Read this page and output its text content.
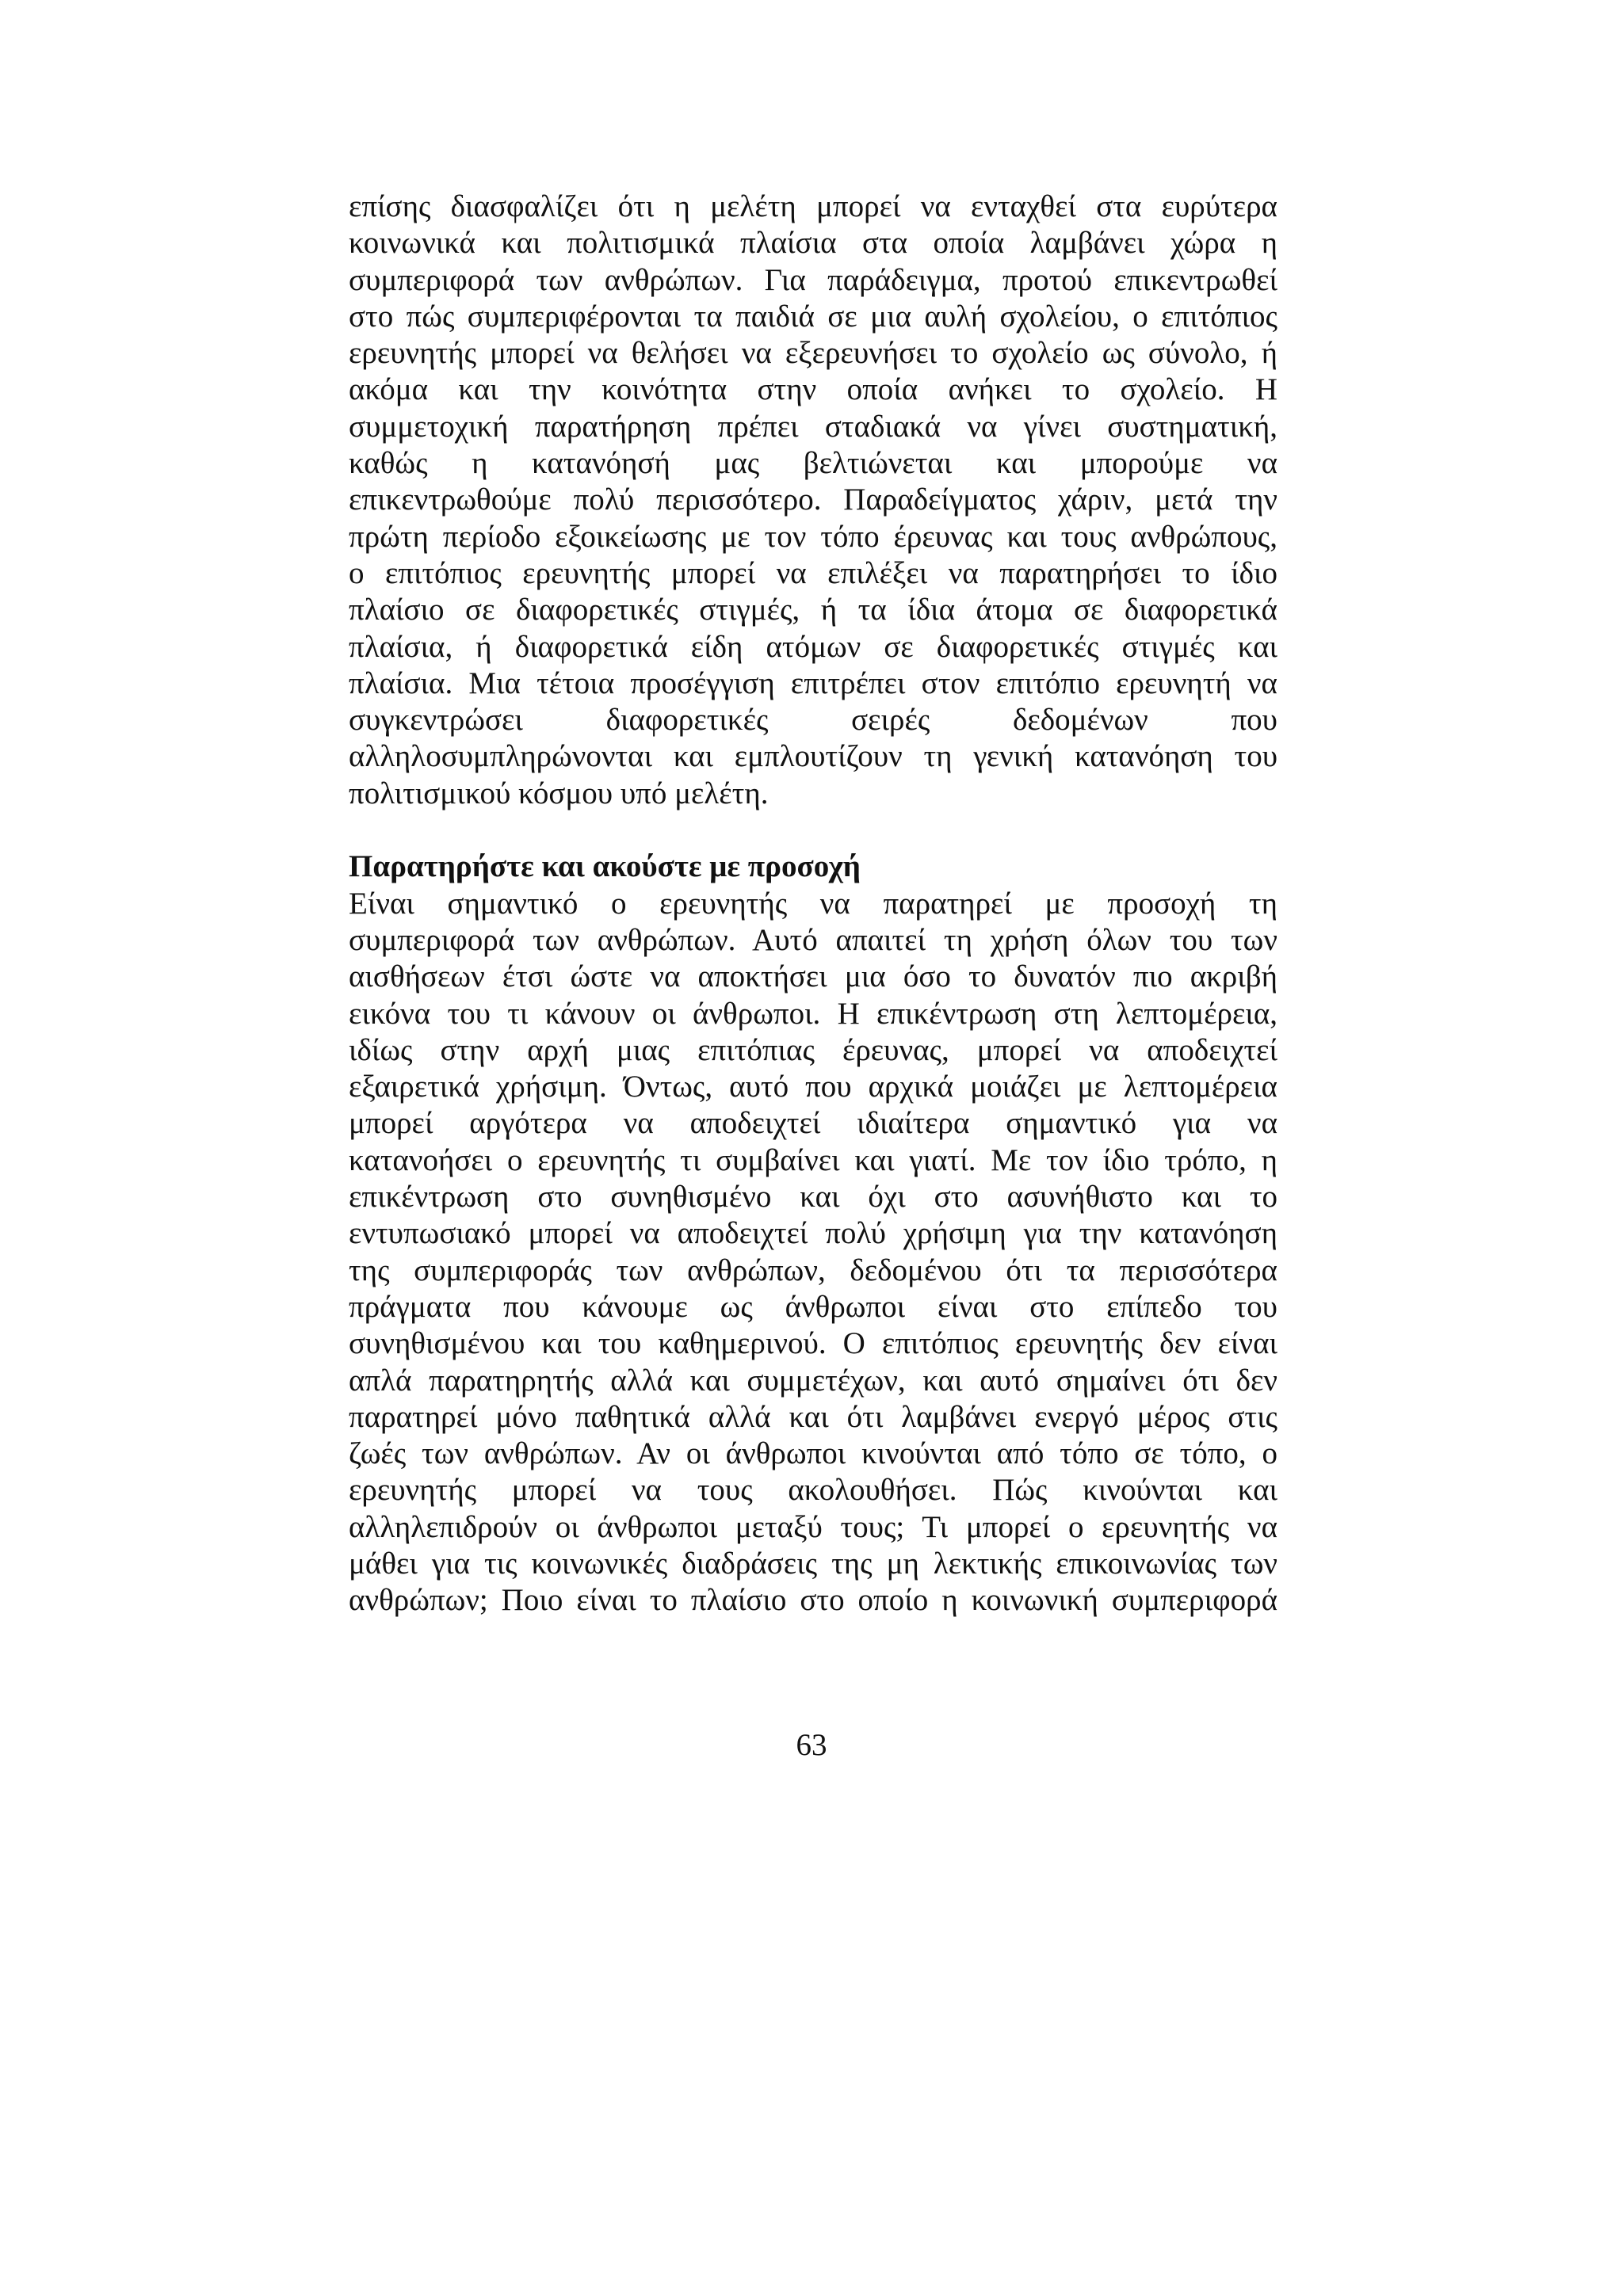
επίσης διασφαλίζει ότι η μελέτη μπορεί να ενταχθεί στα ευρύτερα
κοινωνικά και πολιτισμικά πλαίσια στα οποία λαμβάνει χώρα η
συμπεριφορά των ανθρώπων. Για παράδειγμα, προτού επικεντρωθεί
στο πώς συμπεριφέρονται τα παιδιά σε μια αυλή σχολείου, ο επιτόπιος
ερευνητής μπορεί να θελήσει να εξερευνήσει το σχολείο ως σύνολο, ή
ακόμα και την κοινότητα στην οποία ανήκει το σχολείο. Η
συμμετοχική παρατήρηση πρέπει σταδιακά να γίνει συστηματική,
καθώς η κατανόησή μας βελτιώνεται και μπορούμε να
επικεντρωθούμε πολύ περισσότερο. Παραδείγματος χάριν, μετά την
πρώτη περίοδο εξοικείωσης με τον τόπο έρευνας και τους ανθρώπους,
ο επιτόπιος ερευνητής μπορεί να επιλέξει να παρατηρήσει το ίδιο
πλαίσιο σε διαφορετικές στιγμές, ή τα ίδια άτομα σε διαφορετικά
πλαίσια, ή διαφορετικά είδη ατόμων σε διαφορετικές στιγμές και
πλαίσια. Μια τέτοια προσέγγιση επιτρέπει στον επιτόπιο ερευνητή να
συγκεντρώσει διαφορετικές σειρές δεδομένων που
αλληλοσυμπληρώνονται και εμπλουτίζουν τη γενική κατανόηση του
πολιτισμικού κόσμου υπό μελέτη.
Παρατηρήστε και ακούστε με προσοχή
Είναι σημαντικό ο ερευνητής να παρατηρεί με προσοχή τη
συμπεριφορά των ανθρώπων. Αυτό απαιτεί τη χρήση όλων του των
αισθήσεων έτσι ώστε να αποκτήσει μια όσο το δυνατόν πιο ακριβή
εικόνα του τι κάνουν οι άνθρωποι. Η επικέντρωση στη λεπτομέρεια,
ιδίως στην αρχή μιας επιτόπιας έρευνας, μπορεί να αποδειχτεί
εξαιρετικά χρήσιμη. Όντως, αυτό που αρχικά μοιάζει με λεπτομέρεια
μπορεί αργότερα να αποδειχτεί ιδιαίτερα σημαντικό για να
κατανοήσει ο ερευνητής τι συμβαίνει και γιατί. Με τον ίδιο τρόπο, η
επικέντρωση στο συνηθισμένο και όχι στο ασυνήθιστο και το
εντυπωσιακό μπορεί να αποδειχτεί πολύ χρήσιμη για την κατανόηση
της συμπεριφοράς των ανθρώπων, δεδομένου ότι τα περισσότερα
πράγματα που κάνουμε ως άνθρωποι είναι στο επίπεδο του
συνηθισμένου και του καθημερινού. Ο επιτόπιος ερευνητής δεν είναι
απλά παρατηρητής αλλά και συμμετέχων, και αυτό σημαίνει ότι δεν
παρατηρεί μόνο παθητικά αλλά και ότι λαμβάνει ενεργό μέρος στις
ζωές των ανθρώπων. Αν οι άνθρωποι κινούνται από τόπο σε τόπο, ο
ερευνητής μπορεί να τους ακολουθήσει. Πώς κινούνται και
αλληλεπιδρούν οι άνθρωποι μεταξύ τους; Τι μπορεί ο ερευνητής να
μάθει για τις κοινωνικές διαδράσεις της μη λεκτικής επικοινωνίας των
ανθρώπων; Ποιο είναι το πλαίσιο στο οποίο η κοινωνική συμπεριφορά
63
